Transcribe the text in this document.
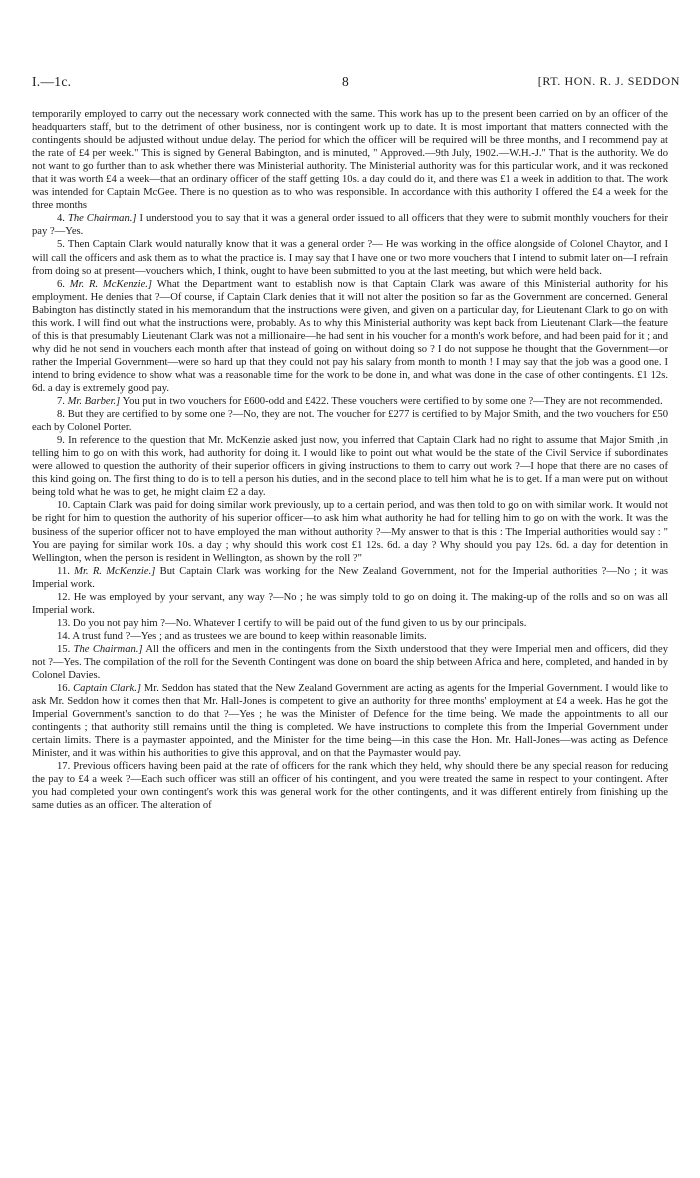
I.—1c.	8	[RT. HON. R. J. SEDDON

temporarily employed to carry out the necessary work connected with the same. This work has up to the present been carried on by an officer of the headquarters staff, but to the detriment of other business, nor is contingent work up to date. It is most important that matters connected with the contingents should be adjusted without undue delay. The period for which the officer will be required will be three months, and I recommend pay at the rate of £4 per week." This is signed by General Babington, and is minuted, " Approved.—9th July, 1902.—W.H.-J." That is the authority. We do not want to go further than to ask whether there was Ministerial authority. The Ministerial authority was for this particular work, and it was reckoned that it was worth £4 a week—that an ordinary officer of the staff getting 10s. a day could do it, and there was £1 a week in addition to that. The work was intended for Captain McGee. There is no question as to who was responsible. In accordance with this authority I offered the £4 a week for the three months

4. The Chairman.] I understood you to say that it was a general order issued to all officers that they were to submit monthly vouchers for their pay ?—Yes.

5. Then Captain Clark would naturally know that it was a general order ?— He was working in the office alongside of Colonel Chaytor, and I will call the officers and ask them as to what the practice is. I may say that I have one or two more vouchers that I intend to submit later on—I refrain from doing so at present—vouchers which, I think, ought to have been submitted to you at the last meeting, but which were held back.

6. Mr. R. McKenzie.] What the Department want to establish now is that Captain Clark was aware of this Ministerial authority for his employment. He denies that ?—Of course, if Captain Clark denies that it will not alter the position so far as the Government are concerned. General Babington has distinctly stated in his memorandum that the instructions were given, and given on a particular day, for Lieutenant Clark to go on with this work. I will find out what the instructions were, probably. As to why this Ministerial authority was kept back from Lieutenant Clark—the feature of this is that presumably Lieutenant Clark was not a millionaire—he had sent in his voucher for a month's work before, and had been paid for it ; and why did he not send in vouchers each month after that instead of going on without doing so ? I do not suppose he thought that the Government—or rather the Imperial Government—were so hard up that they could not pay his salary from month to month ! I may say that the job was a good one. I intend to bring evidence to show what was a reasonable time for the work to be done in, and what was done in the case of other contingents. £1 12s. 6d. a day is extremely good pay.

7. Mr. Barber.] You put in two vouchers for £600-odd and £422. These vouchers were certified to by some one ?—They are not recommended.

8. But they are certified to by some one ?—No, they are not. The voucher for £277 is certified to by Major Smith, and the two vouchers for £50 each by Colonel Porter.

9. In reference to the question that Mr. McKenzie asked just now, you inferred that Captain Clark had no right to assume that Major Smith ,in telling him to go on with this work, had authority for doing it. I would like to point out what would be the state of the Civil Service if subordinates were allowed to question the authority of their superior officers in giving instructions to them to carry out work ?—I hope that there are no cases of this kind going on. The first thing to do is to tell a person his duties, and in the second place to tell him what he is to get. If a man were put on without being told what he was to get, he might claim £2 a day.

10. Captain Clark was paid for doing similar work previously, up to a certain period, and was then told to go on with similar work. It would not be right for him to question the authority of his superior officer—to ask him what authority he had for telling him to go on with the work. It was the business of the superior officer not to have employed the man without authority ?—My answer to that is this : The Imperial authorities would say : " You are paying for similar work 10s. a day ; why should this work cost £1 12s. 6d. a day ? Why should you pay 12s. 6d. a day for detention in Wellington, when the person is resident in Wellington, as shown by the roll ?"

11. Mr. R. McKenzie.] But Captain Clark was working for the New Zealand Government, not for the Imperial authorities ?—No ; it was Imperial work.

12. He was employed by your servant, any way ?—No ; he was simply told to go on doing it. The making-up of the rolls and so on was all Imperial work.

13. Do you not pay him ?—No. Whatever I certify to will be paid out of the fund given to us by our principals.

14. A trust fund ?—Yes ; and as trustees we are bound to keep within reasonable limits.

15. The Chairman.] All the officers and men in the contingents from the Sixth understood that they were Imperial men and officers, did they not ?—Yes. The compilation of the roll for the Seventh Contingent was done on board the ship between Africa and here, completed, and handed in by Colonel Davies.

16. Captain Clark.] Mr. Seddon has stated that the New Zealand Government are acting as agents for the Imperial Government. I would like to ask Mr. Seddon how it comes then that Mr. Hall-Jones is competent to give an authority for three months' employment at £4 a week. Has he got the Imperial Government's sanction to do that ?—Yes ; he was the Minister of Defence for the time being. We made the appointments to all our contingents ; that authority still remains until the thing is completed. We have instructions to complete this from the Imperial Government under certain limits. There is a paymaster appointed, and the Minister for the time being—in this case the Hon. Mr. Hall-Jones—was acting as Defence Minister, and it was within his authorities to give this approval, and on that the Paymaster would pay.

17. Previous officers having been paid at the rate of officers for the rank which they held, why should there be any special reason for reducing the pay to £4 a week ?—Each such officer was still an officer of his contingent, and you were treated the same in respect to your contingent. After you had completed your own contingent's work this was general work for the other contingents, and it was different entirely from finishing up the same duties as an officer. The alteration of
